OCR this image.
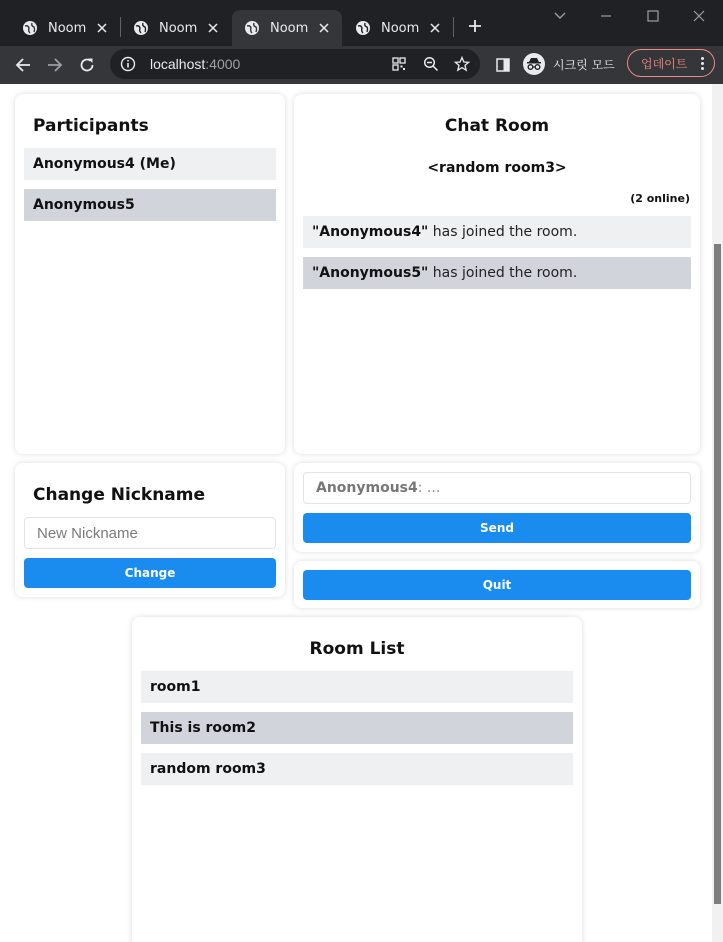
Noom	Noom	Noom	Noom
localhost:4000	시크릿 모드 업데이트
Participants
Anonymous4 (Me)
Anonymous5
Chat Room
<random room3>
(2 online)
"Anonymous4" has joined the room.
"Anonymous5" has joined the room.
Change Nickname
New Nickname
Change
Anonymous4 : ...
Send
Quit
Room List
room1
This is room2
random room3
